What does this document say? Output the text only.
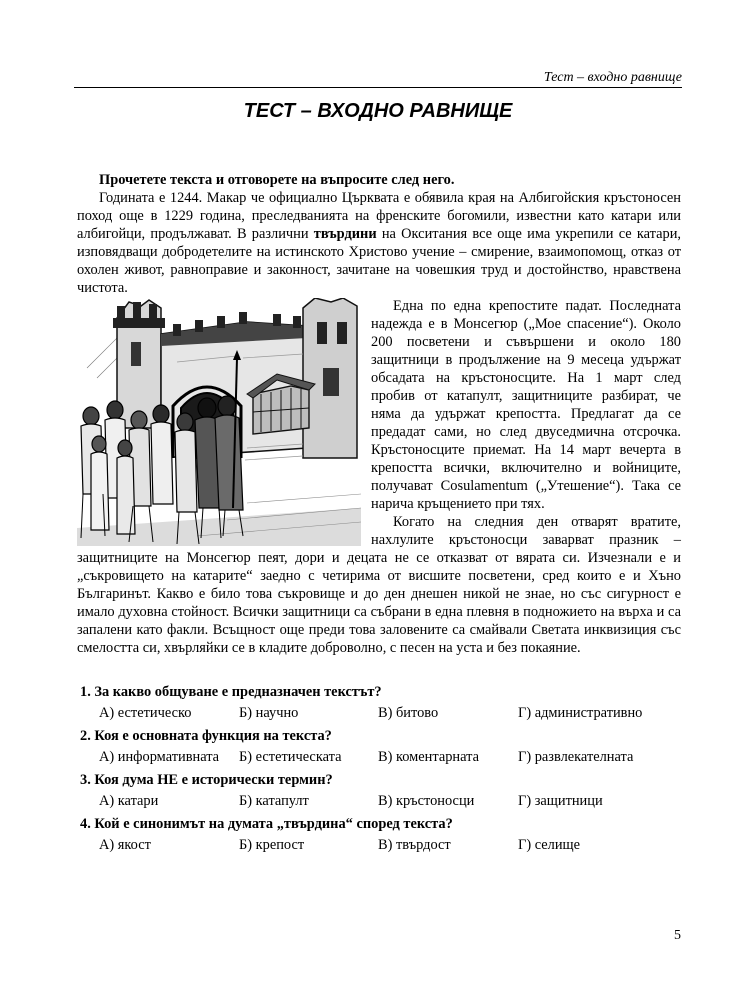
Тест – входно равнище
ТЕСТ – ВХОДНО РАВНИЩЕ

Прочетете текста и отговорете на въпросите след него.

Годината е 1244. Макар че официално Църквата е обявила края на Албигойския кръстоносен поход още в 1229 година, преследванията на френските богомили, известни като катари или албигойци, продължават. В различни твърдини на Окситания все още има укрепили се катари, изповядващи добродетелите на истинското Христово учение – смирение, взаимопомощ, отказ от охолен живот, равноправие и законност, зачитане на човешкия труд и достойнство, нравствена чистота.

Една по една крепостите падат. Последната надежда е в Монсегюр („Мое спасение“). Около 200 посветени и съвършени и около 180 защитници в продължение на 9 месеца удържат обсадата на кръстоносците. На 1 март след пробив от катапулт, защитниците разбират, че няма да удържат крепостта. Предлагат да се предадат сами, но след двуседмична отсрочка. Кръстоносците приемат. На 14 март вечерта в крепостта всички, включително и войниците, получават Cosulamentum („Утешение“). Така се нарича кръщението при тях.

Когато на следния ден отварят вратите, нахлулите кръстоносци заварват празник – защитниците на Монсегюр пеят, дори и децата не се отказват от вярата си. Изчезнали е и „съкровището на катарите“ заедно с четирима от висшите посветени, сред които е и Хъно Българинът. Какво е било това съкровище и до ден днешен никой не знае, но със сигурност е имало духовна стойност. Всички защитници са събрани в една плевня в подножието на върха и са запалени като факли. Всъщност още преди това заловените са смайвали Светата инквизиция със смелостта си, хвърляйки се в кладите доброволно, с песен на уста и без покаяние.

1. За какво общуване е предназначен текстът?
А) естетическо	Б) научно	В) битово	Г) административно
2. Коя е основната функция на текста?
А) информативната Б) естетическата	В) коментарната	Г) развлекателната
3. Коя дума НЕ е исторически термин?
А) катари	Б) катапулт	В) кръстоносци	Г) защитници
4. Кой е синонимът на думата „твърдина“ според текста?
А) якост	Б) крепост	В) твърдост	Г) селище
5
